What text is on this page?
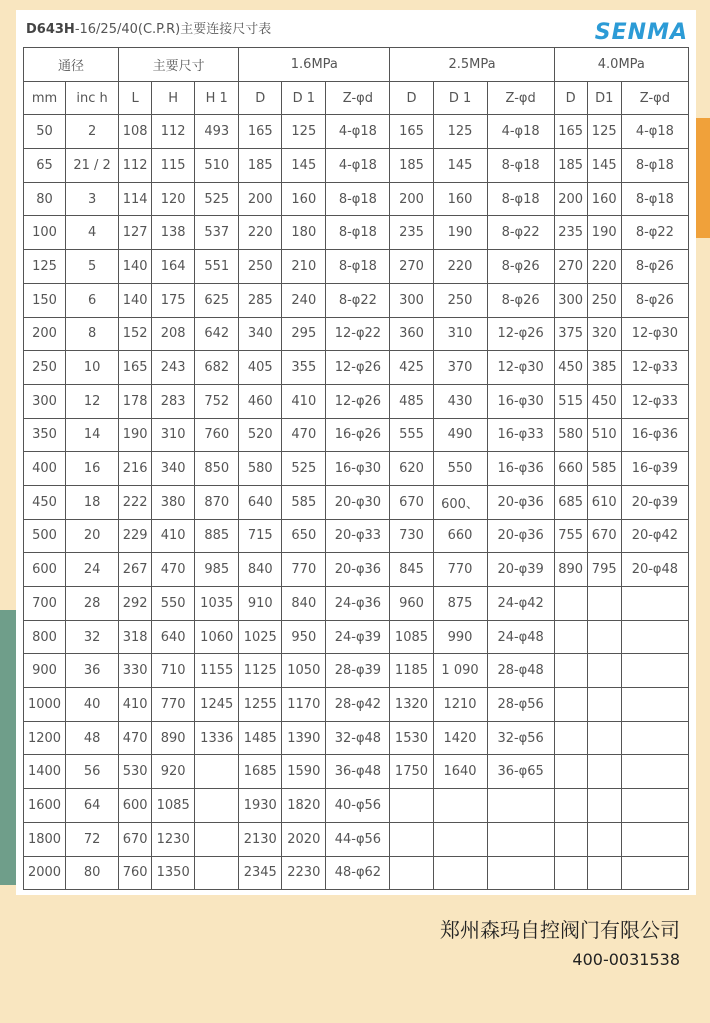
D643H-16/25/40(C.P.R)主要连接尺寸表	SENMA
通径		主要尺寸			1.6MPa			2.5MPa			4.0MPa		
mm	inc h	L	H	H 1	D	D 1	Z-φd	D	D 1	Z-φd	D	D1	Z-φd
50	2	108	112	493	165	125	4-φ18	165	125	4-φ18	165	125	4-φ18
65	21 / 2	112	115	510	185	145	4-φ18	185	145	8-φ18	185	145	8-φ18
80	3	114	120	525	200	160	8-φ18	200	160	8-φ18	200	160	8-φ18
100	4	127	138	537	220	180	8-φ18	235	190	8-φ22	235	190	8-φ22
125	5	140	164	551	250	210	8-φ18	270	220	8-φ26	270	220	8-φ26
150	6	140	175	625	285	240	8-φ22	300	250	8-φ26	300	250	8-φ26
200	8	152	208	642	340	295	12-φ22	360	310	12-φ26	375	320	12-φ30
250	10	165	243	682	405	355	12-φ26	425	370	12-φ30	450	385	12-φ33
300	12	178	283	752	460	410	12-φ26	485	430	16-φ30	515	450	12-φ33
350	14	190	310	760	520	470	16-φ26	555	490	16-φ33	580	510	16-φ36
400	16	216	340	850	580	525	16-φ30	620	550	16-φ36	660	585	16-φ39
450	18	222	380	870	640	585	20-φ30	670	600、	20-φ36	685	610	20-φ39
500	20	229	410	885	715	650	20-φ33	730	660	20-φ36	755	670	20-φ42
600	24	267	470	985	840	770	20-φ36	845	770	20-φ39	890	795	20-φ48
700	28	292	550	1035	910	840	24-φ36	960	875	24-φ42			
800	32	318	640	1060	1025	950	24-φ39	1085	990	24-φ48			
900	36	330	710	1155	1125	1050	28-φ39	1185	1 090	28-φ48			
1000	40	410	770	1245	1255	1170	28-φ42	1320	1210	28-φ56			
1200	48	470	890	1336	1485	1390	32-φ48	1530	1420	32-φ56			
1400	56	530	920		1685	1590	36-φ48	1750	1640	36-φ65			
1600	64	600	1085		1930	1820	40-φ56						
1800	72	670	1230		2130	2020	44-φ56						
2000	80	760	1350		2345	2230	48-φ62						
郑州森玛自控阀门有限公司
400-0031538
